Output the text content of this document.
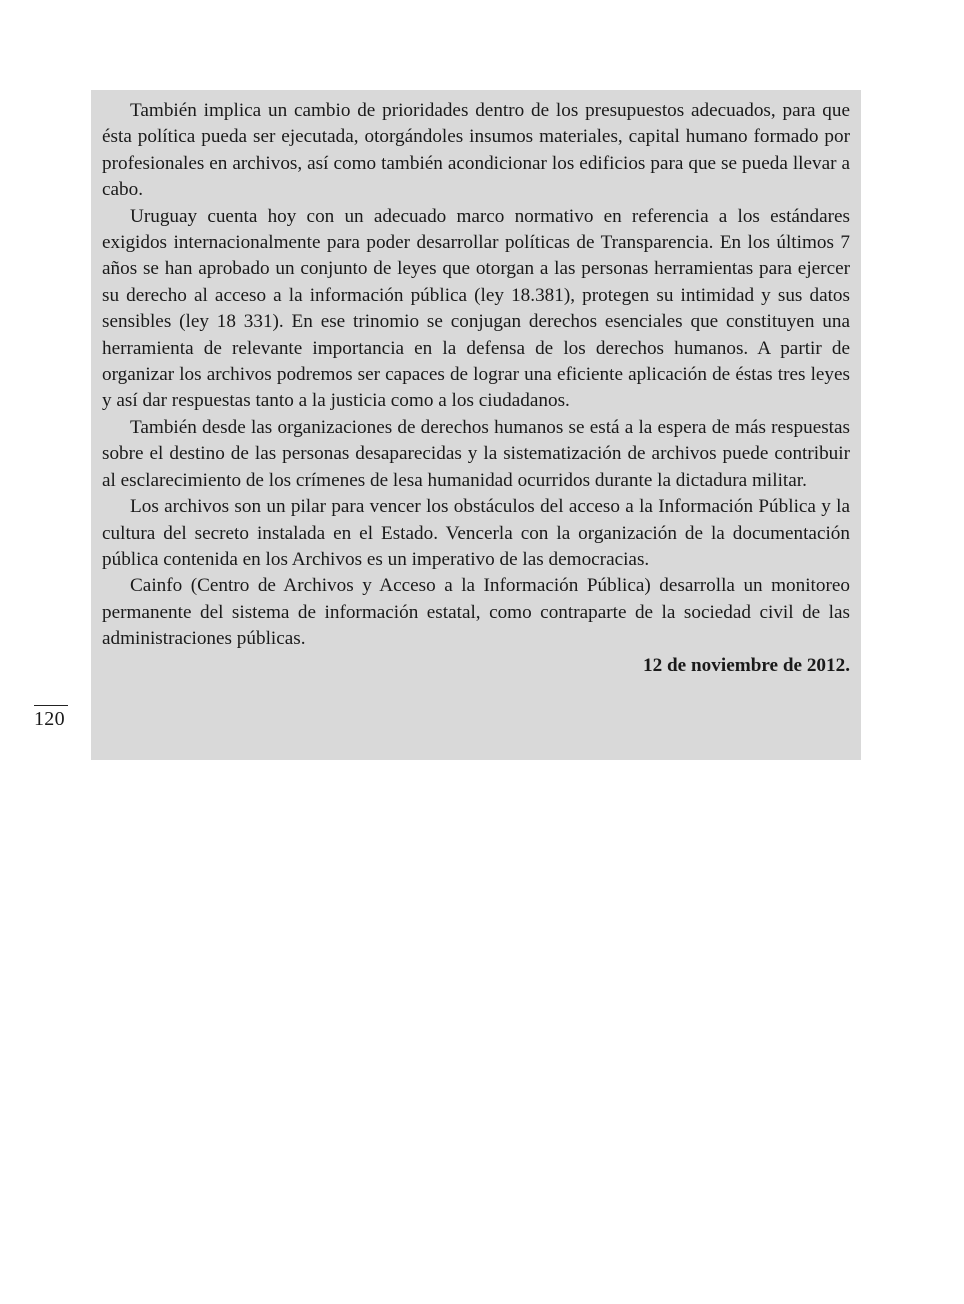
120

También implica un cambio de prioridades dentro de los presupuestos adecuados, para que ésta política pueda ser ejecutada, otorgándoles insumos materiales, capital humano formado por profesionales en archivos, así como también acondicionar los edificios para que se pueda llevar a cabo.

Uruguay cuenta hoy con un adecuado marco normativo en referencia a los estándares exigidos internacionalmente para poder desarrollar políticas de Transparencia. En los últimos 7 años se han aprobado un conjunto de leyes que otorgan a las personas herramientas para ejercer su derecho al acceso a la información pública (ley 18.381), protegen su intimidad y sus datos sensibles (ley 18 331). En ese trinomio se conjugan derechos esenciales que constituyen una herramienta de relevante importancia en la defensa de los derechos humanos. A partir de organizar los archivos podremos ser capaces de lograr una eficiente aplicación de éstas tres leyes y así dar respuestas tanto a la justicia como a los ciudadanos.

También desde las organizaciones de derechos humanos se está a la espera de más respuestas sobre el destino de las personas desaparecidas y la sistematización de archivos puede contribuir al esclarecimiento de los crímenes de lesa humanidad ocurridos durante la dictadura militar.

Los archivos son un pilar para vencer los obstáculos del acceso a la Información Pública y la cultura del secreto instalada en el Estado. Vencerla con la organización de la documentación pública contenida en los Archivos es un imperativo de las democracias.

Cainfo (Centro de Archivos y Acceso a la Información Pública) desarrolla un monitoreo permanente del sistema de información estatal, como contraparte de la sociedad civil de las administraciones públicas.

12 de noviembre de 2012.
